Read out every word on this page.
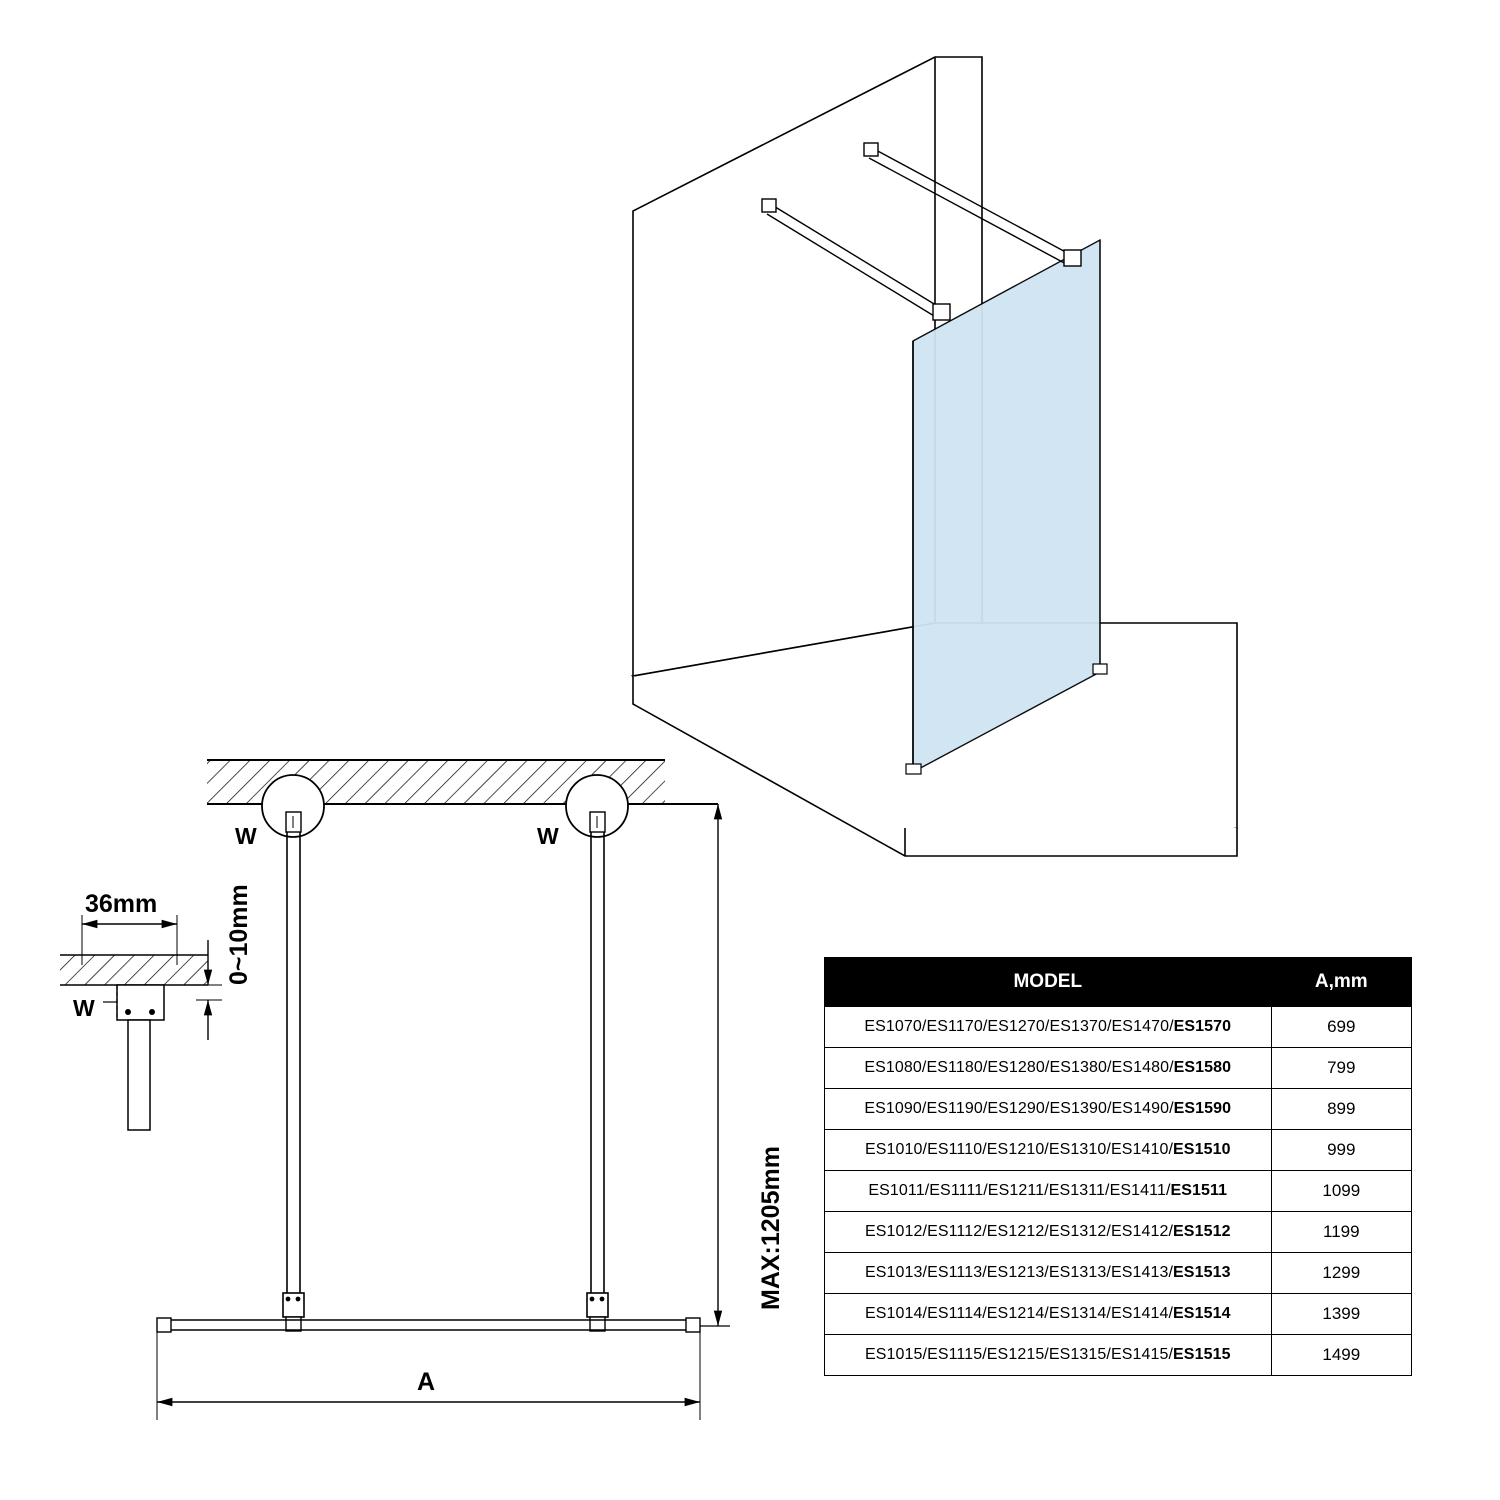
36mm	0~10mm
W
W	W
MAX:1205mm
A
MODEL	A,mm
ES1070/ES1170/ES1270/ES1370/ES1470/ES1570	699
ES1080/ES1180/ES1280/ES1380/ES1480/ES1580	799
ES1090/ES1190/ES1290/ES1390/ES1490/ES1590	899
ES1010/ES1110/ES1210/ES1310/ES1410/ES1510	999
ES1011/ES1111/ES1211/ES1311/ES1411/ES1511	1099
ES1012/ES1112/ES1212/ES1312/ES1412/ES1512	1199
ES1013/ES1113/ES1213/ES1313/ES1413/ES1513	1299
ES1014/ES1114/ES1214/ES1314/ES1414/ES1514	1399
ES1015/ES1115/ES1215/ES1315/ES1415/ES1515	1499
